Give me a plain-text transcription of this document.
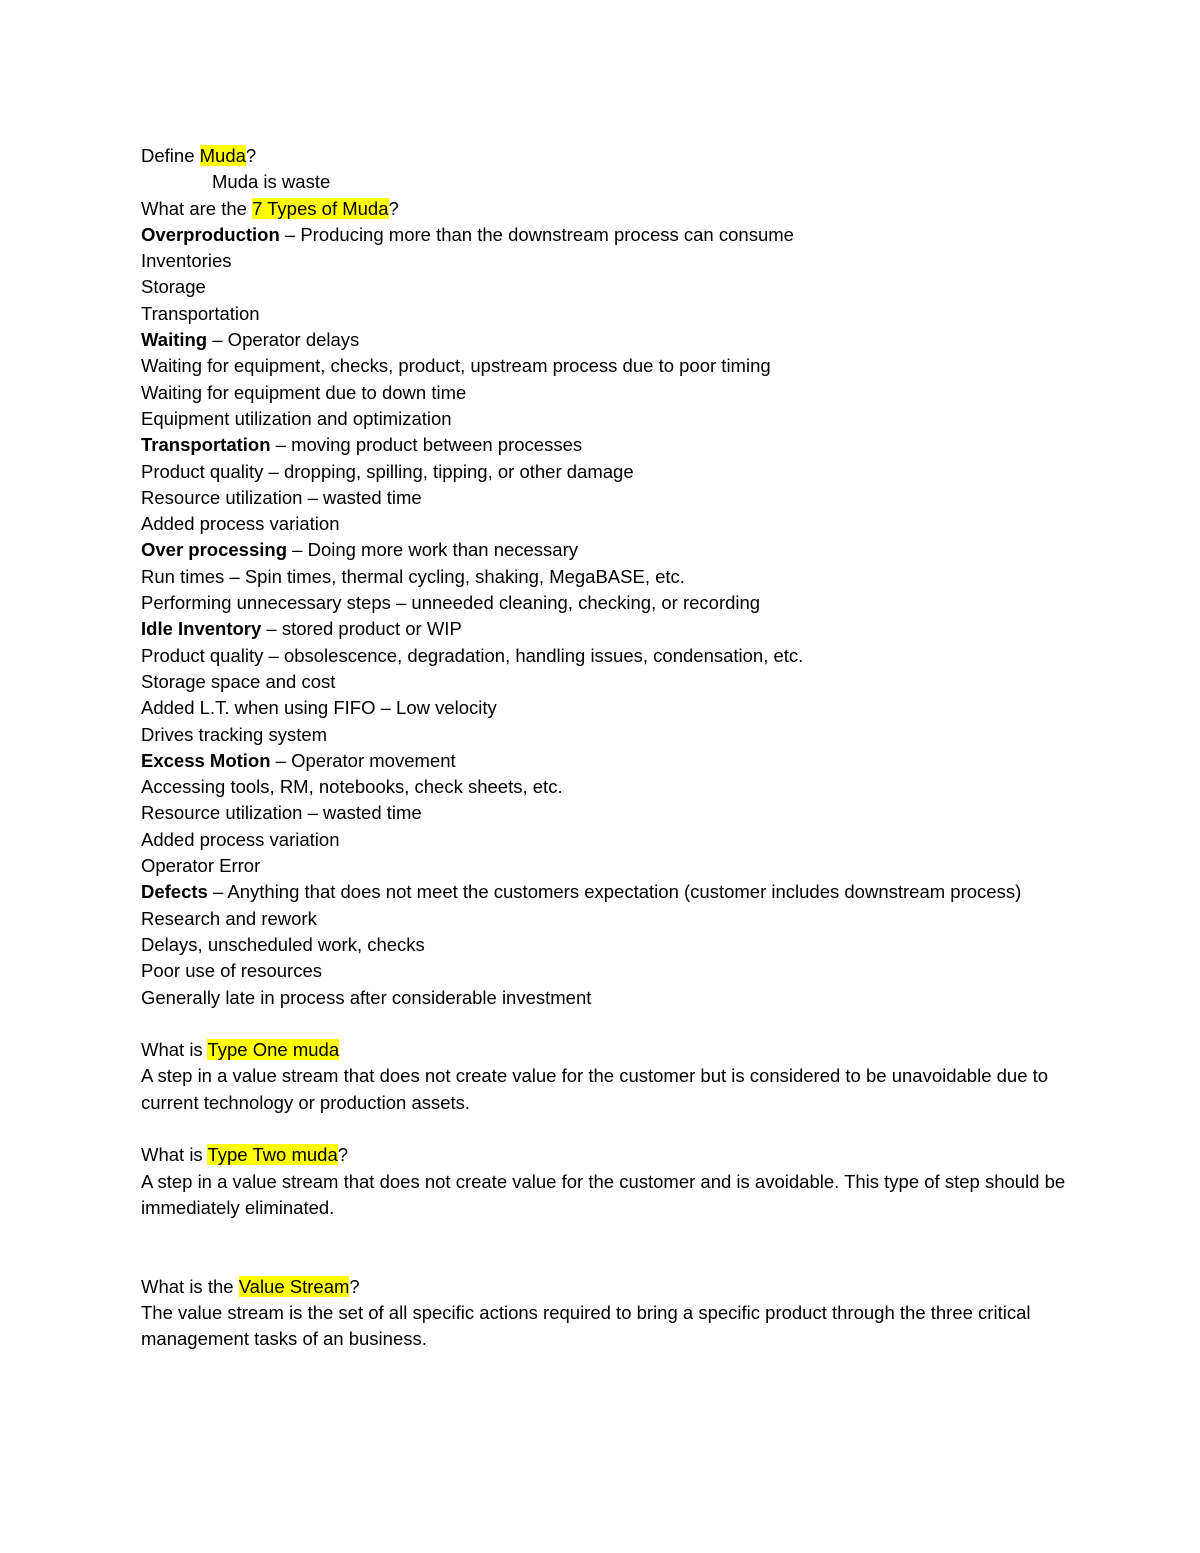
Define Muda?
Muda is waste
What are the 7 Types of Muda?
Overproduction – Producing more than the downstream process can consume
Inventories
Storage
Transportation
Waiting – Operator delays
Waiting for equipment, checks, product, upstream process due to poor timing
Waiting for equipment due to down time
Equipment utilization and optimization
Transportation – moving product between processes
Product quality – dropping, spilling, tipping, or other damage
Resource utilization – wasted time
Added process variation
Over processing – Doing more work than necessary
Run times – Spin times, thermal cycling, shaking, MegaBASE, etc.
Performing unnecessary steps – unneeded cleaning, checking, or recording
Idle Inventory – stored product or WIP
Product quality – obsolescence, degradation, handling issues, condensation, etc.
Storage space and cost
Added L.T. when using FIFO – Low velocity
Drives tracking system
Excess Motion – Operator movement
Accessing tools, RM, notebooks, check sheets, etc.
Resource utilization – wasted time
Added process variation
Operator Error
Defects – Anything that does not meet the customers expectation (customer includes downstream process)
Research and rework
Delays, unscheduled work, checks
Poor use of resources
Generally late in process after considerable investment
What is Type One muda
A step in a value stream that does not create value for the customer but is considered to be unavoidable due to current technology or production assets.
What is Type Two muda?
A step in a value stream that does not create value for the customer and is avoidable. This type of step should be immediately eliminated.
What is the Value Stream?
The value stream is the set of all specific actions required to bring a specific product through the three critical management tasks of an business.
